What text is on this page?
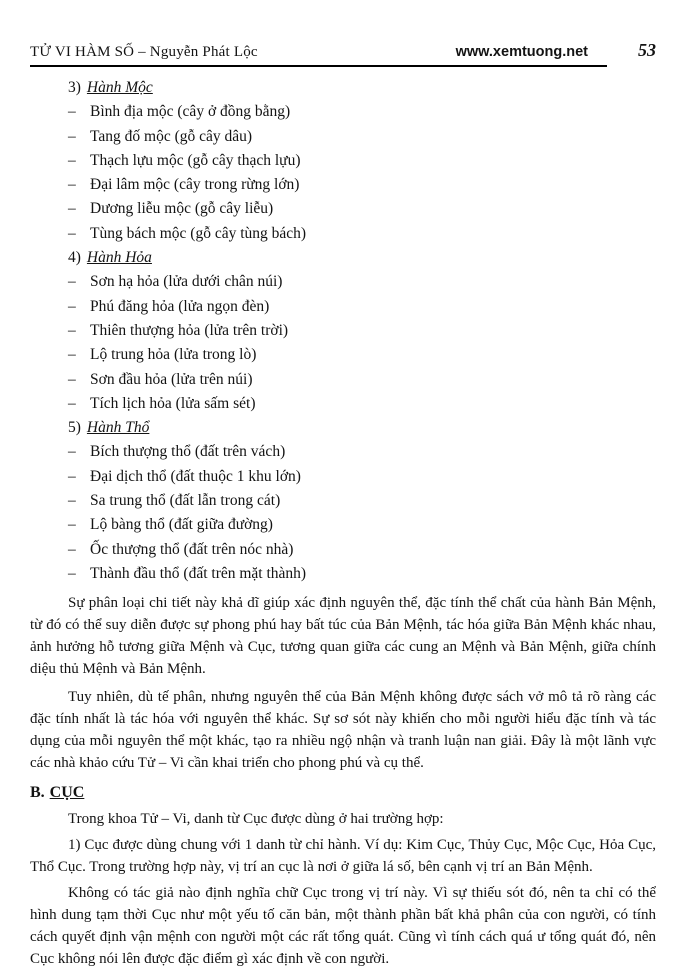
TỬ VI HÀM SỐ – Nguyễn Phát Lộc	www.xemtuong.net	53
3) Hành Mộc
– Bình địa mộc (cây ở đồng bằng)
– Tang đố mộc (gỗ cây dâu)
– Thạch lựu mộc (gỗ cây thạch lựu)
– Đại lâm mộc (cây trong rừng lớn)
– Dương liễu mộc (gỗ cây liễu)
– Tùng bách mộc (gỗ cây tùng bách)
4) Hành Hỏa
– Sơn hạ hỏa (lửa dưới chân núi)
– Phú đăng hỏa (lửa ngọn đèn)
– Thiên thượng hỏa (lửa trên trời)
– Lộ trung hỏa (lửa trong lò)
– Sơn đầu hỏa (lửa trên núi)
– Tích lịch hỏa (lửa sấm sét)
5) Hành Thổ
– Bích thượng thổ (đất trên vách)
– Đại dịch thổ (đất thuộc 1 khu lớn)
– Sa trung thổ (đất lẫn trong cát)
– Lộ bàng thổ (đất giữa đường)
– Ốc thượng thổ (đất trên nóc nhà)
– Thành đầu thổ (đất trên mặt thành)

Sự phân loại chi tiết này khả dĩ giúp xác định nguyên thể, đặc tính thể chất của hành Bản Mệnh, từ đó có thể suy diễn được sự phong phú hay bất túc của Bản Mệnh, tác hóa giữa Bản Mệnh khác nhau, ảnh hưởng hỗ tương giữa Mệnh và Cục, tương quan giữa các cung an Mệnh và Bản Mệnh, giữa chính diệu thủ Mệnh và Bản Mệnh.

Tuy nhiên, dù tế phân, nhưng nguyên thể của Bản Mệnh không được sách vở mô tả rõ ràng các đặc tính nhất là tác hóa với nguyên thể khác. Sự sơ sót này khiến cho mỗi người hiểu đặc tính và tác dụng của mỗi nguyên thể một khác, tạo ra nhiều ngộ nhận và tranh luận nan giải. Đây là một lãnh vực các nhà khảo cứu Tử – Vi cần khai triển cho phong phú và cụ thể.

B. CỤC

Trong khoa Tử – Vi, danh từ Cục được dùng ở hai trường hợp:

1) Cục được dùng chung với 1 danh từ chỉ hành. Ví dụ: Kim Cục, Thủy Cục, Mộc Cục, Hỏa Cục, Thổ Cục. Trong trường hợp này, vị trí an cục là nơi ở giữa lá số, bên cạnh vị trí an Bản Mệnh.

Không có tác giả nào định nghĩa chữ Cục trong vị trí này. Vì sự thiếu sót đó, nên ta chỉ có thể hình dung tạm thời Cục như một yếu tố căn bản, một thành phần bất khả phân của con người, có tính cách quyết định vận mệnh con người một các rất tổng quát. Cũng vì tính cách quá ư tổng quát đó, nên Cục không nói lên được đặc điểm gì xác định về con người.
